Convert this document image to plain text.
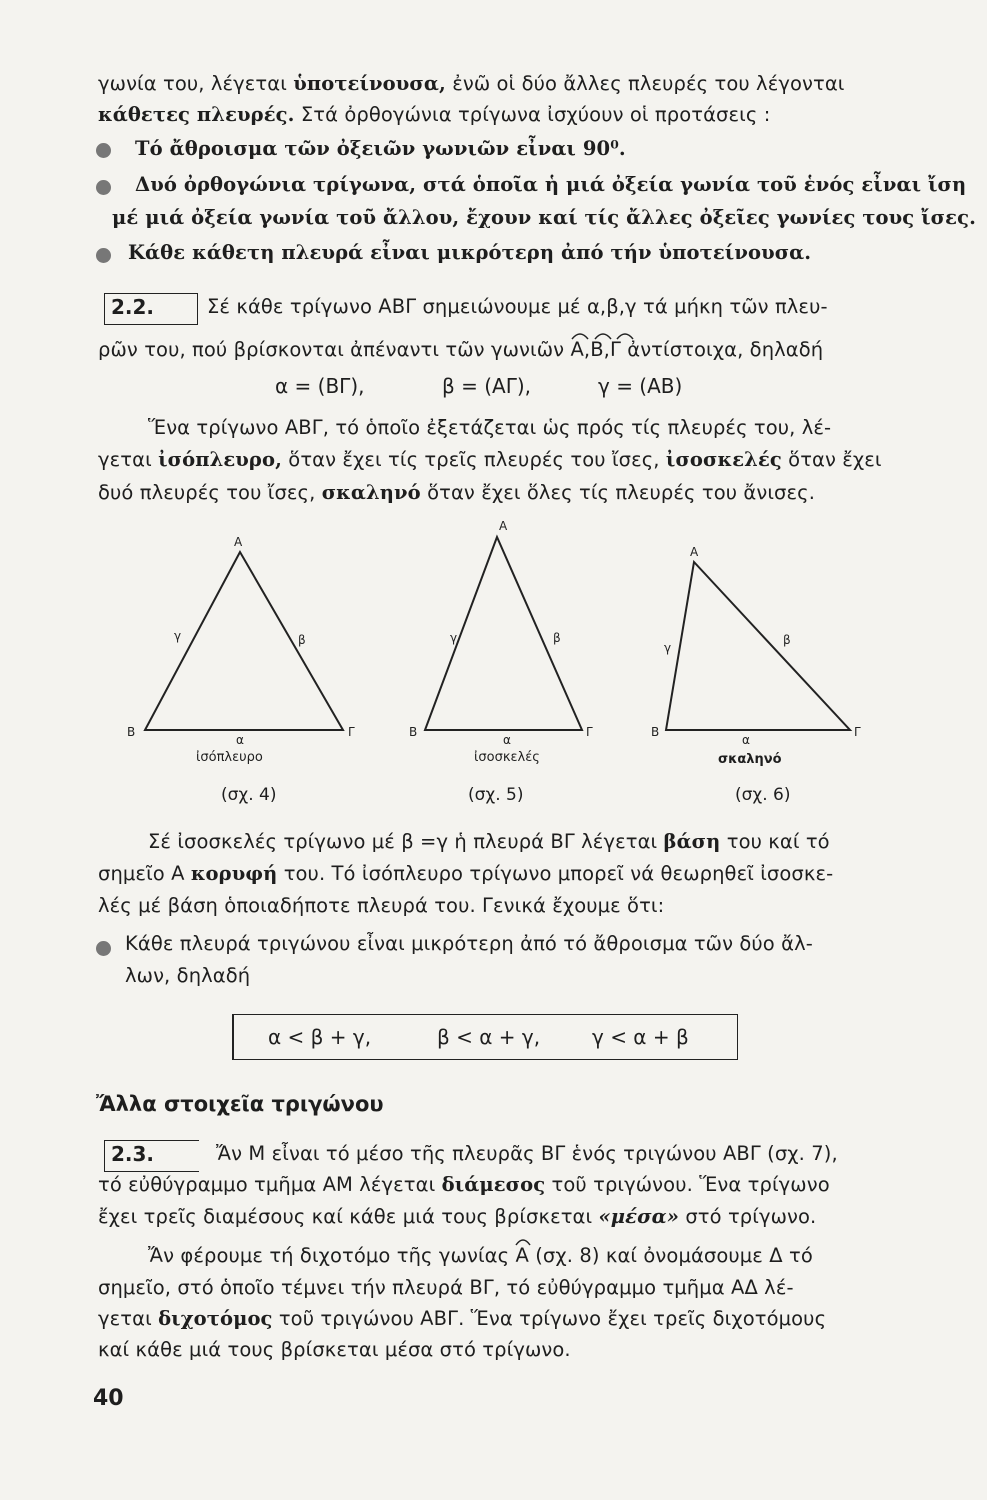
γωνία του, λέγεται ὑποτείνουσα, ἐνῶ οἱ δύο ἄλλες πλευρές του λέγονται
κάθετες πλευρές. Στά ὀρθογώνια τρίγωνα ἰσχύουν οἱ προτάσεις :
Τό ἄθροισμα τῶν ὀξειῶν γωνιῶν εἶναι 90⁰.
Δυό ὀρθογώνια τρίγωνα, στά ὁποῖα ἡ μιά ὀξεία γωνία τοῦ ἑνός εἶναι ἴση
μέ μιά ὀξεία γωνία τοῦ ἄλλου, ἔχουν καί τίς ἄλλες ὀξεῖες γωνίες τους ἴσες.
Κάθε κάθετη πλευρά εἶναι μικρότερη ἀπό τήν ὑποτείνουσα.
2.2.	Σέ κάθε τρίγωνο ΑΒΓ σημειώνουμε μέ α,β,γ τά μήκη τῶν πλευ-
ρῶν του, πού βρίσκονται ἀπέναντι τῶν γωνιῶν Α,Β,Γ
ἀντίστοιχα, δηλαδή
α = (ΒΓ),	β = (ΑΓ),	γ = (ΑΒ)
Ἕνα τρίγωνο ΑΒΓ, τό ὁποῖο ἐξετάζεται ὡς πρός τίς πλευρές του, λέ-
γεται ἰσόπλευρο, ὅταν ἔχει τίς τρεῖς πλευρές του ἴσες, ἰσοσκελές ὅταν ἔχει
δυό πλευρές του ἴσες, σκαληνό ὅταν ἔχει ὅλες τίς πλευρές του ἄνισες.
Α
Β	Γ
γ	β
α
Α
Β	Γ
γ	β
α
Α
Β	Γ
γ
β
α
ἰσόπλευρο	ἰσοσκελές	σκαληνό
(σχ. 4)	(σχ. 5)	(σχ. 6)
Σέ ἰσοσκελές τρίγωνο μέ β =γ ἡ πλευρά ΒΓ λέγεται βάση του καί τό
σημεῖο Α κορυφή του. Τό ἰσόπλευρο τρίγωνο μπορεῖ νά θεωρηθεῖ ἰσοσκε-
λές μέ βάση ὁποιαδήποτε πλευρά του. Γενικά ἔχουμε ὅτι:
Κάθε πλευρά τριγώνου εἶναι μικρότερη ἀπό τό ἄθροισμα τῶν δύο ἄλ-
λων, δηλαδή
α < β + γ,	β < α + γ,	γ < α + β
Ἄλλα στοιχεῖα τριγώνου
2.3.	Ἄν Μ εἶναι τό μέσο τῆς πλευρᾶς ΒΓ ἑνός τριγώνου ΑΒΓ (σχ. 7),
τό εὐθύγραμμο τμῆμα ΑΜ λέγεται διάμεσος τοῦ τριγώνου. Ἕνα τρίγωνο
ἔχει τρεῖς διαμέσους καί κάθε μιά τους βρίσκεται «μέσα» στό τρίγωνο.
Ἄν φέρουμε τή διχοτόμο τῆς γωνίας Α
(σχ. 8) καί ὀνομάσουμε Δ τό
σημεῖο, στό ὁποῖο τέμνει τήν πλευρά ΒΓ, τό εὐθύγραμμο τμῆμα ΑΔ λέ-
γεται διχοτόμος τοῦ τριγώνου ΑΒΓ. Ἕνα τρίγωνο ἔχει τρεῖς διχοτόμους
καί κάθε μιά τους βρίσκεται μέσα στό τρίγωνο.
40
